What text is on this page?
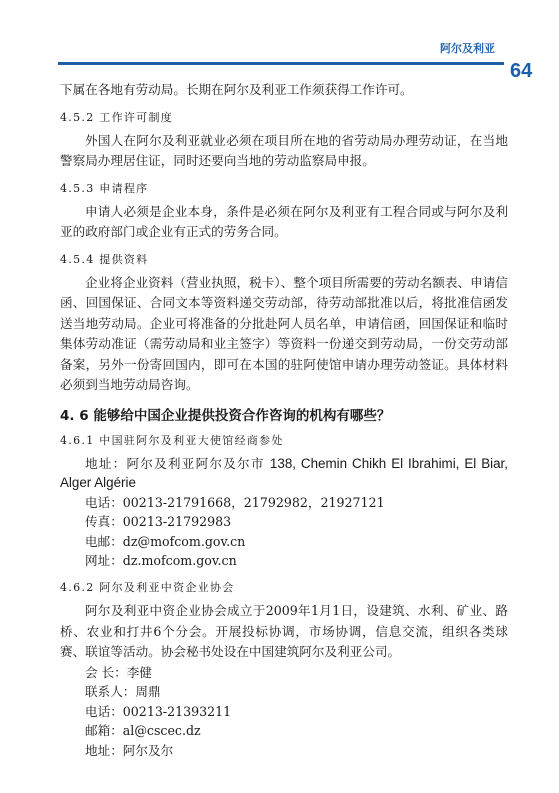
阿尔及利亚
64

下属在各地有劳动局。长期在阿尔及利亚工作须获得工作许可。

4.5.2 工作许可制度

外国人在阿尔及利亚就业必须在项目所在地的省劳动局办理劳动证，在当地警察局办理居住证，同时还要向当地的劳动监察局申报。

4.5.3 申请程序

申请人必须是企业本身，条件是必须在阿尔及利亚有工程合同或与阿尔及利亚的政府部门或企业有正式的劳务合同。

4.5.4 提供资料

企业将企业资料（营业执照，税卡）、整个项目所需要的劳动名额表、申请信函、回国保证、合同文本等资料递交劳动部，待劳动部批准以后，将批准信函发送当地劳动局。企业可将准备的分批赴阿人员名单，申请信函，回国保证和临时集体劳动准证（需劳动局和业主签字）等资料一份递交到劳动局，一份交劳动部备案，另外一份寄回国内，即可在本国的驻阿使馆申请办理劳动签证。具体材料必须到当地劳动局咨询。

4. 6 能够给中国企业提供投资合作咨询的机构有哪些？
4.6.1 中国驻阿尔及利亚大使馆经商参处

地址：阿尔及利亚阿尔及尔市 138, Chemin Chikh El Ibrahimi, El Biar, Alger Algérie

电话：00213-21791668，21792982，21927121
传真：00213-21792983
电邮：dz@mofcom.gov.cn
网址：dz.mofcom.gov.cn
4.6.2 阿尔及利亚中资企业协会

阿尔及利亚中资企业协会成立于2009年1月1日，设建筑、水利、矿业、路桥、农业和打井6个分会。开展投标协调，市场协调，信息交流，组织各类球赛、联谊等活动。协会秘书处设在中国建筑阿尔及利亚公司。

会 长：李健
联系人：周鼎
电话：00213-21393211
邮箱：al@cscec.dz
地址：阿尔及尔
